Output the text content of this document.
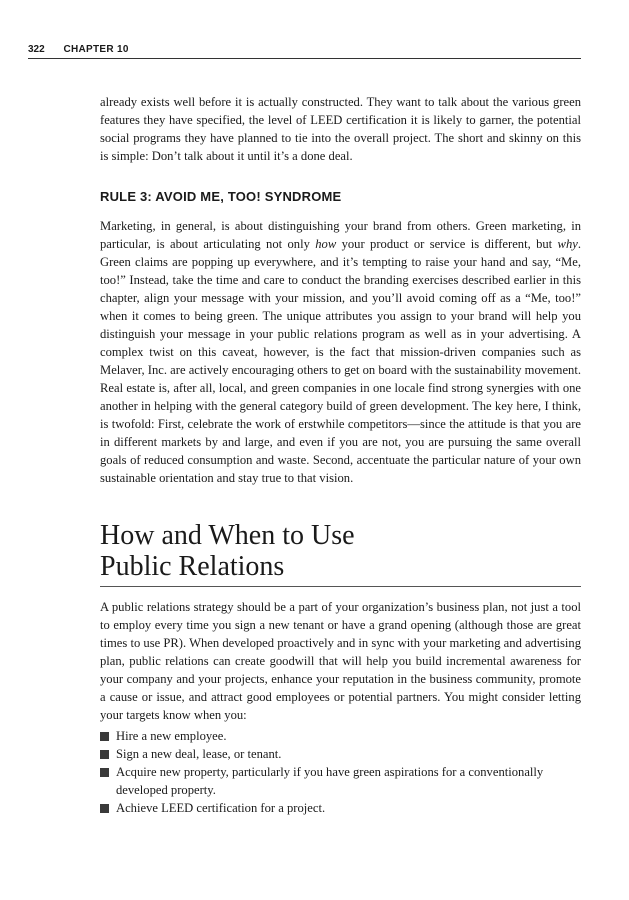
322 CHAPTER 10

already exists well before it is actually constructed. They want to talk about the various green features they have specified, the level of LEED certification it is likely to garner, the potential social programs they have planned to tie into the overall project. The short and skinny on this is simple: Don’t talk about it until it’s a done deal.

RULE 3: AVOID ME, TOO! SYNDROME

Marketing, in general, is about distinguishing your brand from others. Green marketing, in particular, is about articulating not only how your product or service is different, but why. Green claims are popping up everywhere, and it’s tempting to raise your hand and say, “Me, too!” Instead, take the time and care to conduct the branding exercises described earlier in this chapter, align your message with your mission, and you’ll avoid coming off as a “Me, too!” when it comes to being green. The unique attributes you assign to your brand will help you distinguish your message in your public relations program as well as in your advertising. A complex twist on this caveat, however, is the fact that mission-driven companies such as Melaver, Inc. are actively encouraging others to get on board with the sustainability movement. Real estate is, after all, local, and green companies in one locale find strong synergies with one another in helping with the general category build of green development. The key here, I think, is twofold: First, celebrate the work of erstwhile competitors—since the attitude is that you are in different markets by and large, and even if you are not, you are pursuing the same overall goals of reduced consumption and waste. Second, accentuate the particular nature of your own sustainable orientation and stay true to that vision.

How and When to Use
Public Relations

A public relations strategy should be a part of your organization’s business plan, not just a tool to employ every time you sign a new tenant or have a grand opening (although those are great times to use PR). When developed proactively and in sync with your marketing and advertising plan, public relations can create goodwill that will help you build incremental awareness for your company and your projects, enhance your reputation in the business community, promote a cause or issue, and attract good employees or potential partners. You might consider letting your targets know when you:

Hire a new employee.
Sign a new deal, lease, or tenant.
Acquire new property, particularly if you have green aspirations for a conventionally developed property.
Achieve LEED certification for a project.
